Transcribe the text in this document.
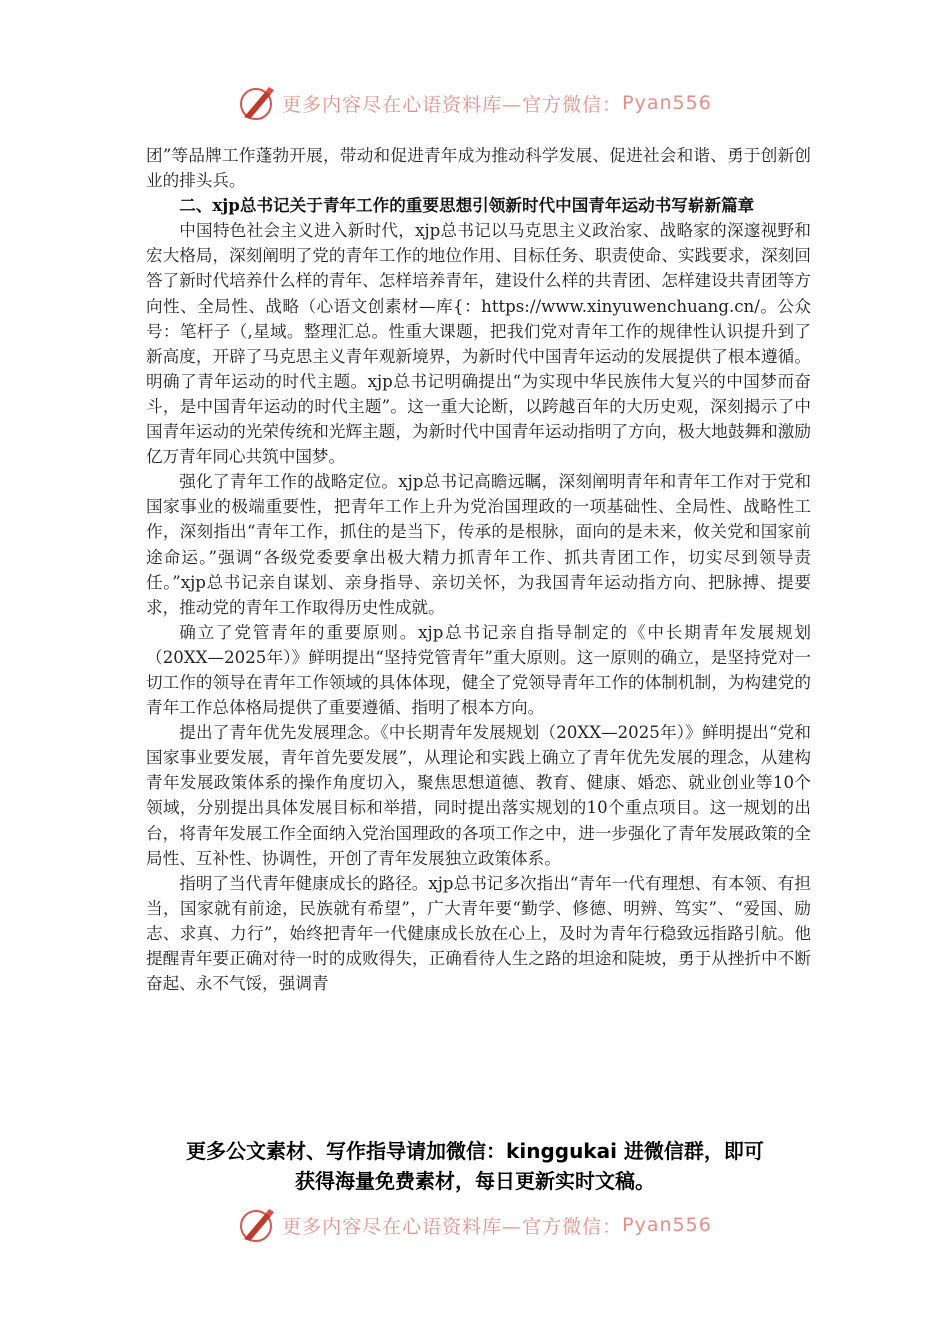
更多内容尽在心语资料库—官方微信： Pyan556

团”等品牌工作蓬勃开展，带动和促进青年成为推动科学发展、促进社会和谐、勇于创新创业的排头兵。

二、xjp总书记关于青年工作的重要思想引领新时代中国青年运动书写崭新篇章

中国特色社会主义进入新时代，xjp总书记以马克思主义政治家、战略家的深邃视野和宏大格局，深刻阐明了党的青年工作的地位作用、目标任务、职责使命、实践要求，深刻回答了新时代培养什么样的青年、怎样培养青年，建设什么样的共青团、怎样建设共青团等方向性、全局性、战略（心语文创素材—库{：https://www.xinyuwenchuang.cn/。公众号：笔杆子（,星域。整理汇总。性重大课题，把我们党对青年工作的规律性认识提升到了新高度，开辟了马克思主义青年观新境界，为新时代中国青年运动的发展提供了根本遵循。明确了青年运动的时代主题。xjp总书记明确提出“为实现中华民族伟大复兴的中国梦而奋斗，是中国青年运动的时代主题”。这一重大论断，以跨越百年的大历史观，深刻揭示了中国青年运动的光荣传统和光辉主题，为新时代中国青年运动指明了方向，极大地鼓舞和激励亿万青年同心共筑中国梦。

强化了青年工作的战略定位。xjp总书记高瞻远瞩，深刻阐明青年和青年工作对于党和国家事业的极端重要性，把青年工作上升为党治国理政的一项基础性、全局性、战略性工作，深刻指出“青年工作，抓住的是当下，传承的是根脉，面向的是未来，攸关党和国家前途命运。”强调“各级党委要拿出极大精力抓青年工作、抓共青团工作，切实尽到领导责任。”xjp总书记亲自谋划、亲身指导、亲切关怀，为我国青年运动指方向、把脉搏、提要求，推动党的青年工作取得历史性成就。

确立了党管青年的重要原则。xjp总书记亲自指导制定的《中长期青年发展规划（20XX—2025年）》鲜明提出“坚持党管青年”重大原则。这一原则的确立，是坚持党对一切工作的领导在青年工作领域的具体体现，健全了党领导青年工作的体制机制，为构建党的青年工作总体格局提供了重要遵循、指明了根本方向。

提出了青年优先发展理念。《中长期青年发展规划（20XX—2025年）》鲜明提出“党和国家事业要发展，青年首先要发展”，从理论和实践上确立了青年优先发展的理念，从建构青年发展政策体系的操作角度切入，聚焦思想道德、教育、健康、婚恋、就业创业等10个领域，分别提出具体发展目标和举措，同时提出落实规划的10个重点项目。这一规划的出台，将青年发展工作全面纳入党治国理政的各项工作之中，进一步强化了青年发展政策的全局性、互补性、协调性，开创了青年发展独立政策体系。

指明了当代青年健康成长的路径。xjp总书记多次指出“青年一代有理想、有本领、有担当，国家就有前途，民族就有希望”，广大青年要“勤学、修德、明辨、笃实”、“爱国、励志、求真、力行”，始终把青年一代健康成长放在心上，及时为青年行稳致远指路引航。他提醒青年要正确对待一时的成败得失，正确看待人生之路的坦途和陡坡，勇于从挫折中不断奋起、永不气馁，强调青

更多公文素材、写作指导请加微信：kinggukai 进微信群，即可
获得海量免费素材，每日更新实时文稿。
更多内容尽在心语资料库—官方微信： Pyan556
